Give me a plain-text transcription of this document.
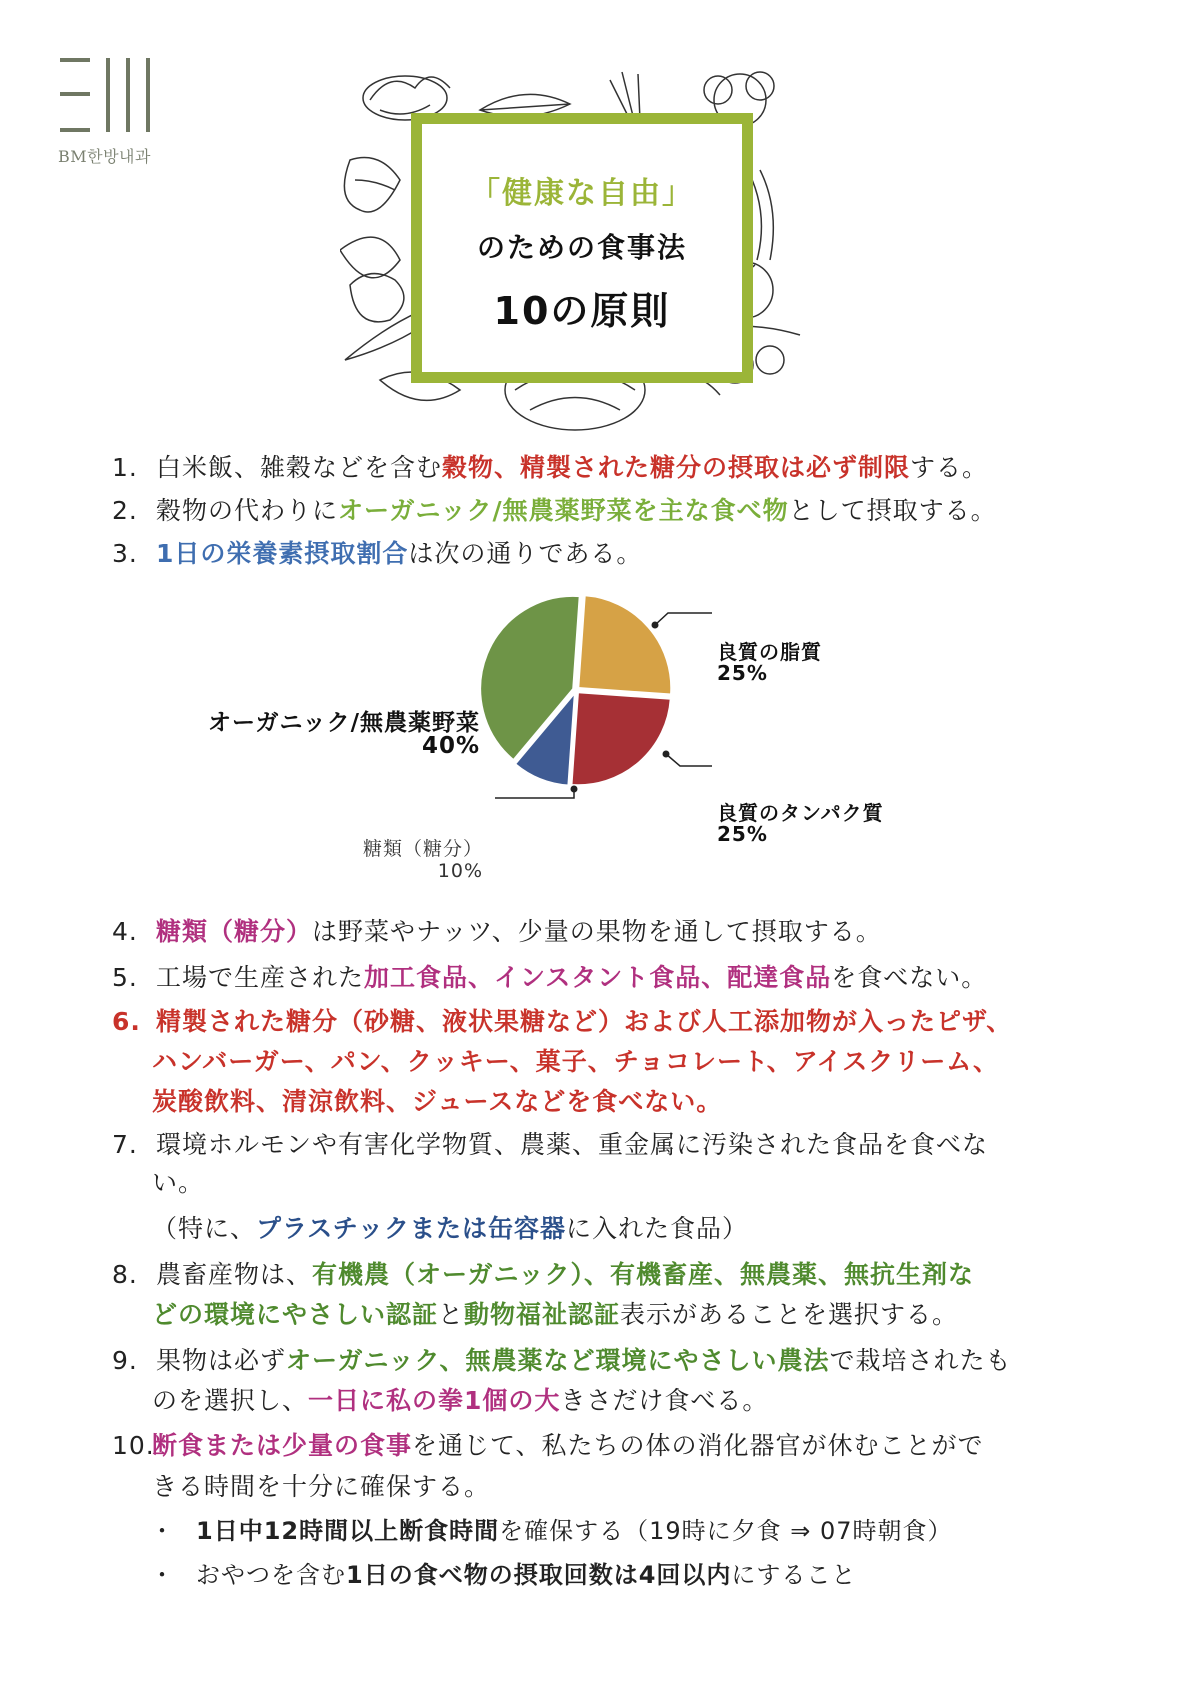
BM한방내과
「健康な自由」
のための食事法
10の原則
1. 白米飯、雑穀などを含む穀物、精製された糖分の摂取は必ず制限する。
2. 穀物の代わりにオーガニック/無農薬野菜を主な食べ物として摂取する。
3. 1日の栄養素摂取割合は次の通りである。
良質の脂質
25%
良質のタンパク質
25%
オーガニック/無農薬野菜
40%
糖類（糖分）
10%
4. 糖類（糖分）は野菜やナッツ、少量の果物を通して摂取する。
5. 工場で生産された加工食品、インスタント食品、配達食品を食べない。
6. 精製された糖分（砂糖、液状果糖など）および人工添加物が入ったピザ、
ハンバーガー、パン、クッキー、菓子、チョコレート、アイスクリーム、
炭酸飲料、清涼飲料、ジュースなどを食べない。
7. 環境ホルモンや有害化学物質、農薬、重金属に汚染された食品を食べな
い。
（特に、プラスチックまたは缶容器に入れた食品）
8. 農畜産物は、有機農（オーガニック）、有機畜産、無農薬、無抗生剤な
どの環境にやさしい認証と動物福祉認証表示があることを選択する。
9. 果物は必ずオーガニック、無農薬など環境にやさしい農法で栽培されたも
のを選択し、一日に私の拳1個の大きさだけ食べる。
10.断食または少量の食事を通じて、私たちの体の消化器官が休むことがで
きる時間を十分に確保する。
・ 1日中12時間以上断食時間を確保する（19時に夕食 ⇒ 07時朝食）
・ おやつを含む1日の食べ物の摂取回数は4回以内にすること
